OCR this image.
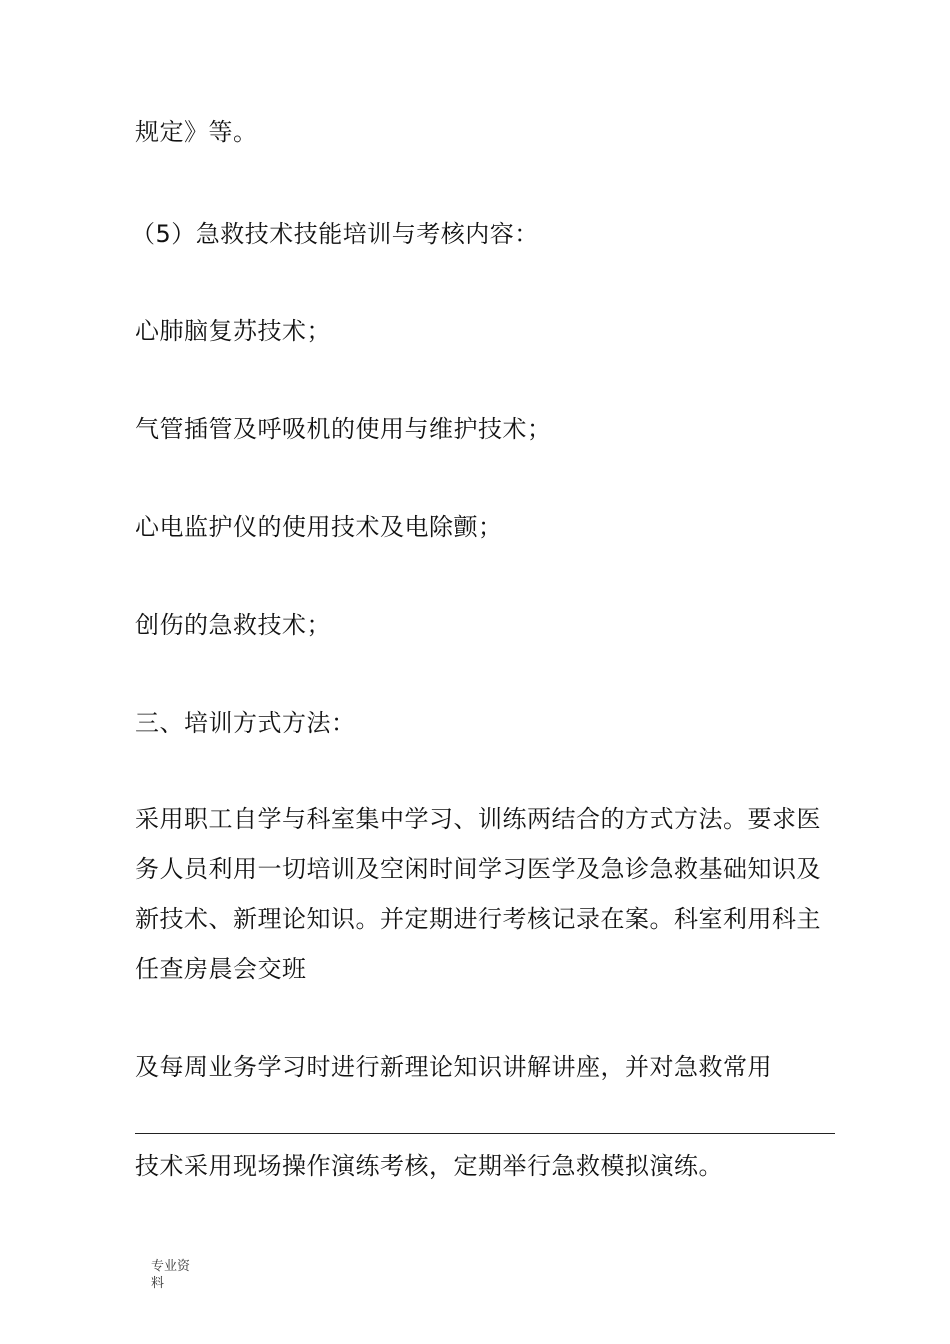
规定》等。
（5）急救技术技能培训与考核内容：
心肺脑复苏技术；
气管插管及呼吸机的使用与维护技术；
心电监护仪的使用技术及电除颤；
创伤的急救技术；
三、培训方式方法：
采用职工自学与科室集中学习、训练两结合的方式方法。要求医
务人员利用一切培训及空闲时间学习医学及急诊急救基础知识及
新技术、新理论知识。并定期进行考核记录在案。科室利用科主
任查房晨会交班
及每周业务学习时进行新理论知识讲解讲座，并对急救常用
技术采用现场操作演练考核，定期举行急救模拟演练。
专业资
料
